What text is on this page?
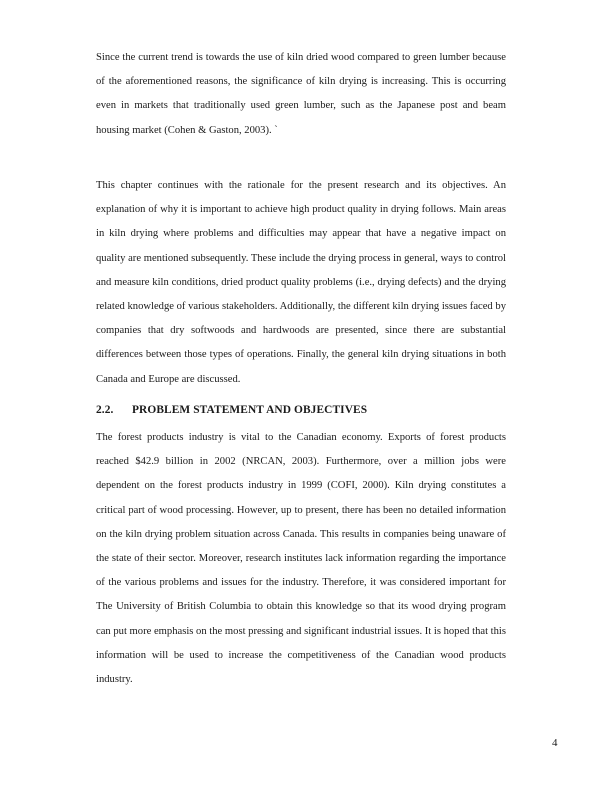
Since the current trend is towards the use of kiln dried wood compared to green lumber because of the aforementioned reasons, the significance of kiln drying is increasing. This is occurring even in markets that traditionally used green lumber, such as the Japanese post and beam housing market (Cohen & Gaston, 2003). `

This chapter continues with the rationale for the present research and its objectives. An explanation of why it is important to achieve high product quality in drying follows. Main areas in kiln drying where problems and difficulties may appear that have a negative impact on quality are mentioned subsequently. These include the drying process in general, ways to control and measure kiln conditions, dried product quality problems (i.e., drying defects) and the drying related knowledge of various stakeholders. Additionally, the different kiln drying issues faced by companies that dry softwoods and hardwoods are presented, since there are substantial differences between those types of operations. Finally, the general kiln drying situations in both Canada and Europe are discussed.

2.2. PROBLEM STATEMENT AND OBJECTIVES

The forest products industry is vital to the Canadian economy. Exports of forest products reached $42.9 billion in 2002 (NRCAN, 2003). Furthermore, over a million jobs were dependent on the forest products industry in 1999 (COFI, 2000). Kiln drying constitutes a critical part of wood processing. However, up to present, there has been no detailed information on the kiln drying problem situation across Canada. This results in companies being unaware of the state of their sector. Moreover, research institutes lack information regarding the importance of the various problems and issues for the industry. Therefore, it was considered important for The University of British Columbia to obtain this knowledge so that its wood drying program can put more emphasis on the most pressing and significant industrial issues. It is hoped that this information will be used to increase the competitiveness of the Canadian wood products industry.

4
